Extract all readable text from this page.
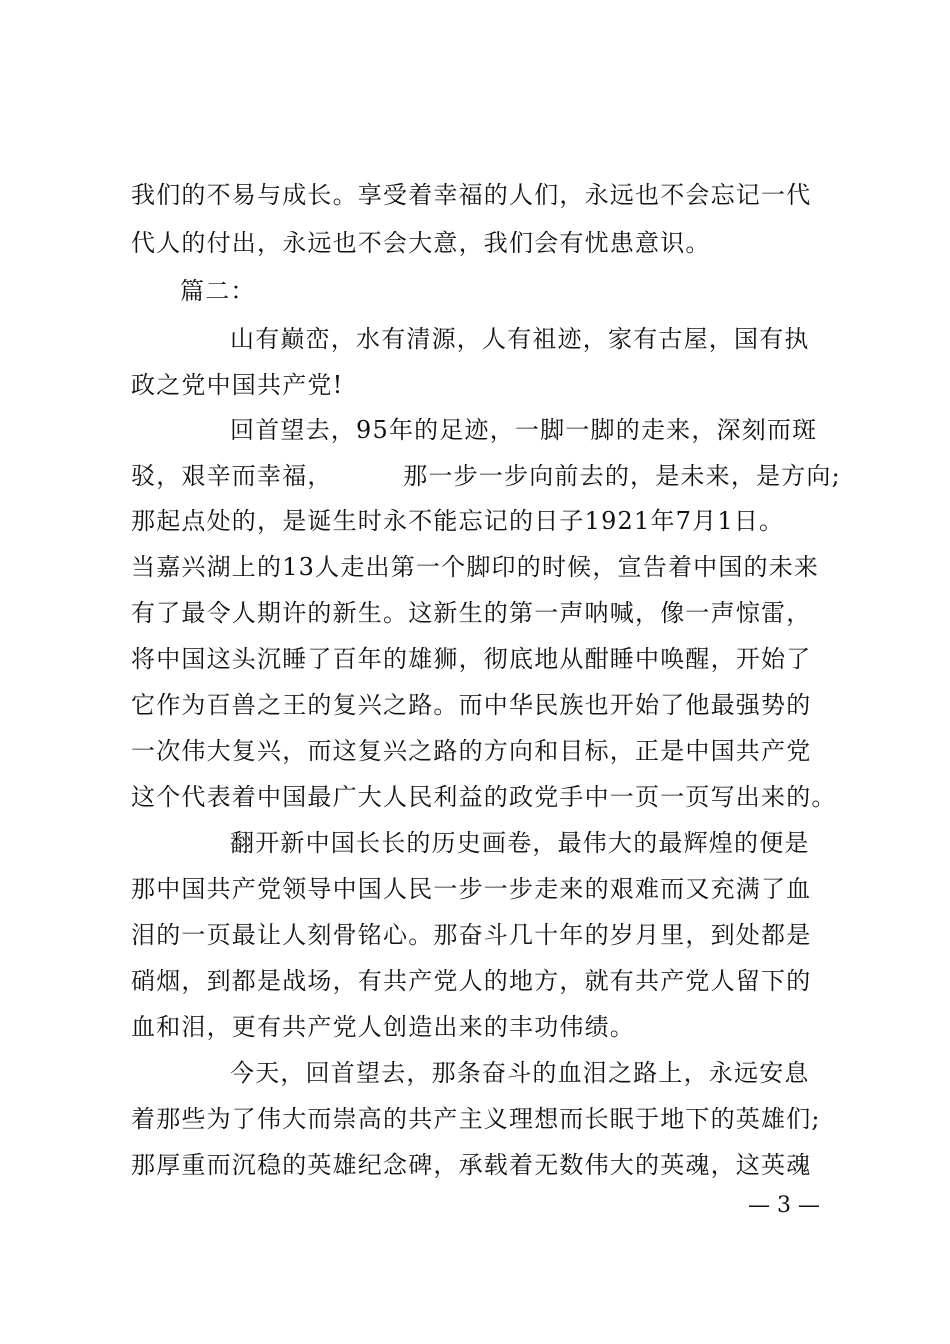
我们的不易与成长。享受着幸福的人们，永远也不会忘记一代
代人的付出，永远也不会大意，我们会有忧患意识。
篇二：
山有巅峦，水有清源，人有祖迹，家有古屋，国有执
政之党中国共产党!
回首望去，95年的足迹，一脚一脚的走来，深刻而斑
驳，艰辛而幸福，        那一步一步向前去的，是未来，是方向;
那起点处的，是诞生时永不能忘记的日子1921年7月1日。
当嘉兴湖上的13人走出第一个脚印的时候，宣告着中国的未来
有了最令人期许的新生。这新生的第一声呐喊，像一声惊雷，
将中国这头沉睡了百年的雄狮，彻底地从酣睡中唤醒，开始了
它作为百兽之王的复兴之路。而中华民族也开始了他最强势的
一次伟大复兴，而这复兴之路的方向和目标，正是中国共产党
这个代表着中国最广大人民利益的政党手中一页一页写出来的。
翻开新中国长长的历史画卷，最伟大的最辉煌的便是
那中国共产党领导中国人民一步一步走来的艰难而又充满了血
泪的一页最让人刻骨铭心。那奋斗几十年的岁月里，到处都是
硝烟，到都是战场，有共产党人的地方，就有共产党人留下的
血和泪，更有共产党人创造出来的丰功伟绩。
今天，回首望去，那条奋斗的血泪之路上，永远安息
着那些为了伟大而崇高的共产主义理想而长眠于地下的英雄们;
那厚重而沉稳的英雄纪念碑，承载着无数伟大的英魂，这英魂
— 3 —
